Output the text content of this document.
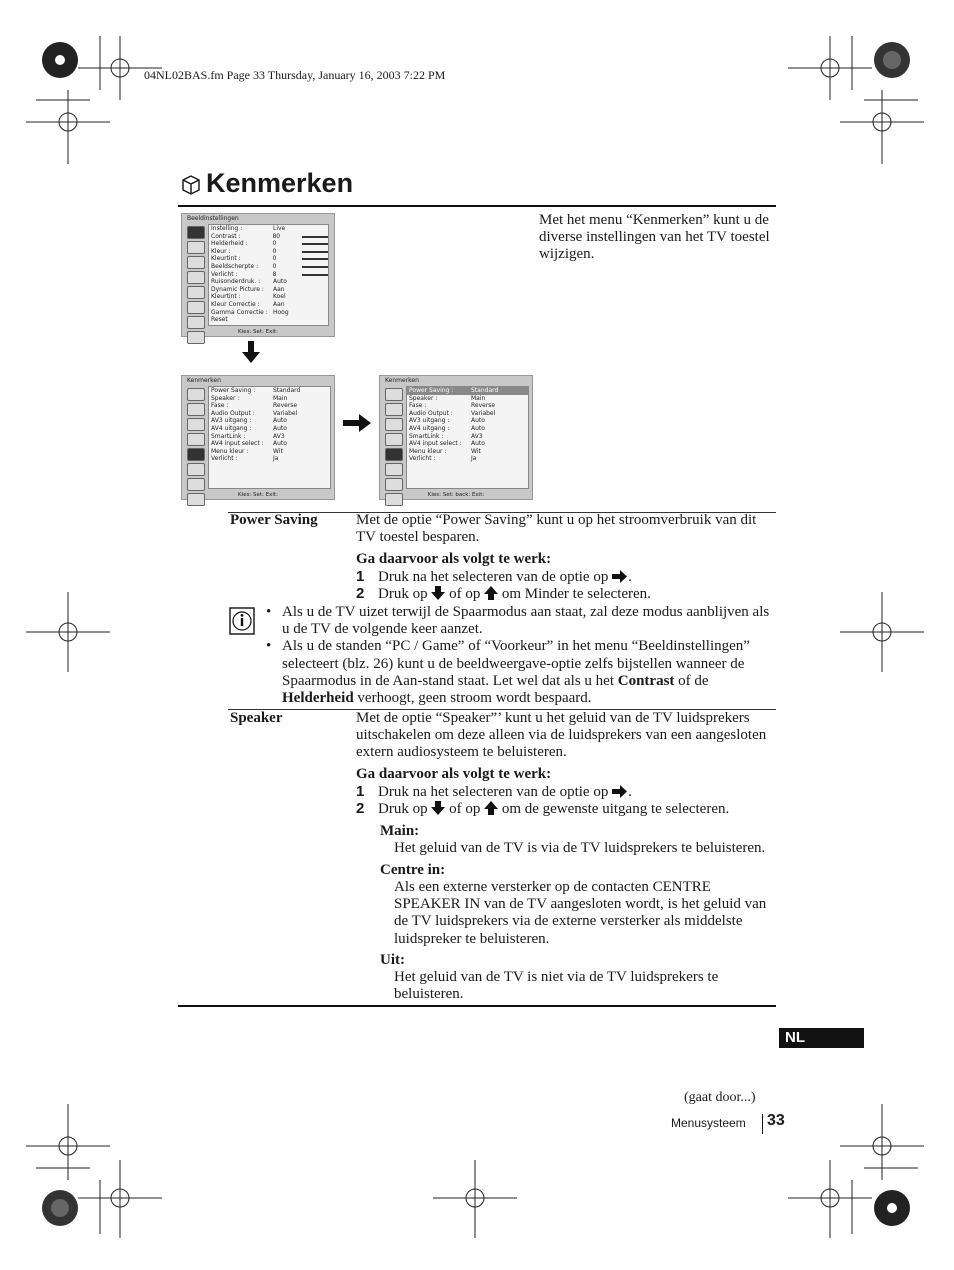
04NL02BAS.fm Page 33 Thursday, January 16, 2003 7:22 PM
Kenmerken
Met het menu “Kenmerken” kunt u de diverse instellingen van het TV toestel wijzigen.
Beeldinstellingen
Instelling :	Live
Contrast :	80
Helderheid :	0
Kleur :	0
Kleurtint :	0
Beeldscherpte :	0
Verlicht :	8
Ruisonderdruk. :	Auto
Dynamic Picture :	Aan
Kleurtint :	Koel
Kleur Correctie :	Aan
Gamma Correctie : Hoog
Reset
Kies: Set: Exit:
Kenmerken
Power Saving :	Standard
Speaker :	Main
Fase :	Reverse
Audio Output :	Variabel
AV3 uitgang :	Auto
AV4 uitgang :	Auto
SmartLink :	AV3
AV4 input select :	Auto
Menu kleur :	Wit
Verlicht :	Ja
Kies: Set: Exit:
Kenmerken
Power Saving :	Standard
Speaker :	Main
Fase :	Reverse
Audio Output :	Variabel
AV3 uitgang :	Auto
AV4 uitgang :	Auto
SmartLink :	AV3
AV4 input select :	Auto
Menu kleur :	Wit
Verlicht :	Ja
Kies: Set: back: Exit:
Power Saving	Met de optie “Power Saving” kunt u op het stroomverbruik van dit TV toestel besparen.
Ga daarvoor als volgt te werk:
1 Druk na het selecteren van de optie op .
2 Druk op of op om Minder te selecteren.
• Als u de TV uizet terwijl de Spaarmodus aan staat, zal deze modus aanblijven als u de TV de volgende keer aanzet.
• Als u de standen “PC / Game” of “Voorkeur” in het menu “Beeldinstellingen” selecteert (blz. 26) kunt u de beeldweergave-optie zelfs bijstellen wanneer de Spaarmodus in de Aan-stand staat. Let wel dat als u het Contrast of de Helderheid verhoogt, geen stroom wordt bespaard.
Speaker	Met de optie “Speaker”’ kunt u het geluid van de TV luidsprekers uitschakelen om deze alleen via de luidsprekers van een aangesloten extern audiosysteem te beluisteren.
Ga daarvoor als volgt te werk:
1 Druk na het selecteren van de optie op .
2 Druk op of op om de gewenste uitgang te selecteren.
Main:
Het geluid van de TV is via de TV luidsprekers te beluisteren.
Centre in:
Als een externe versterker op de contacten CENTRE SPEAKER IN van de TV aangesloten wordt, is het geluid van de TV luidsprekers via de externe versterker als middelste luidspreker te beluisteren.
Uit:
Het geluid van de TV is niet via de TV luidsprekers te beluisteren.
NL
(gaat door...)
Menusysteem 33
